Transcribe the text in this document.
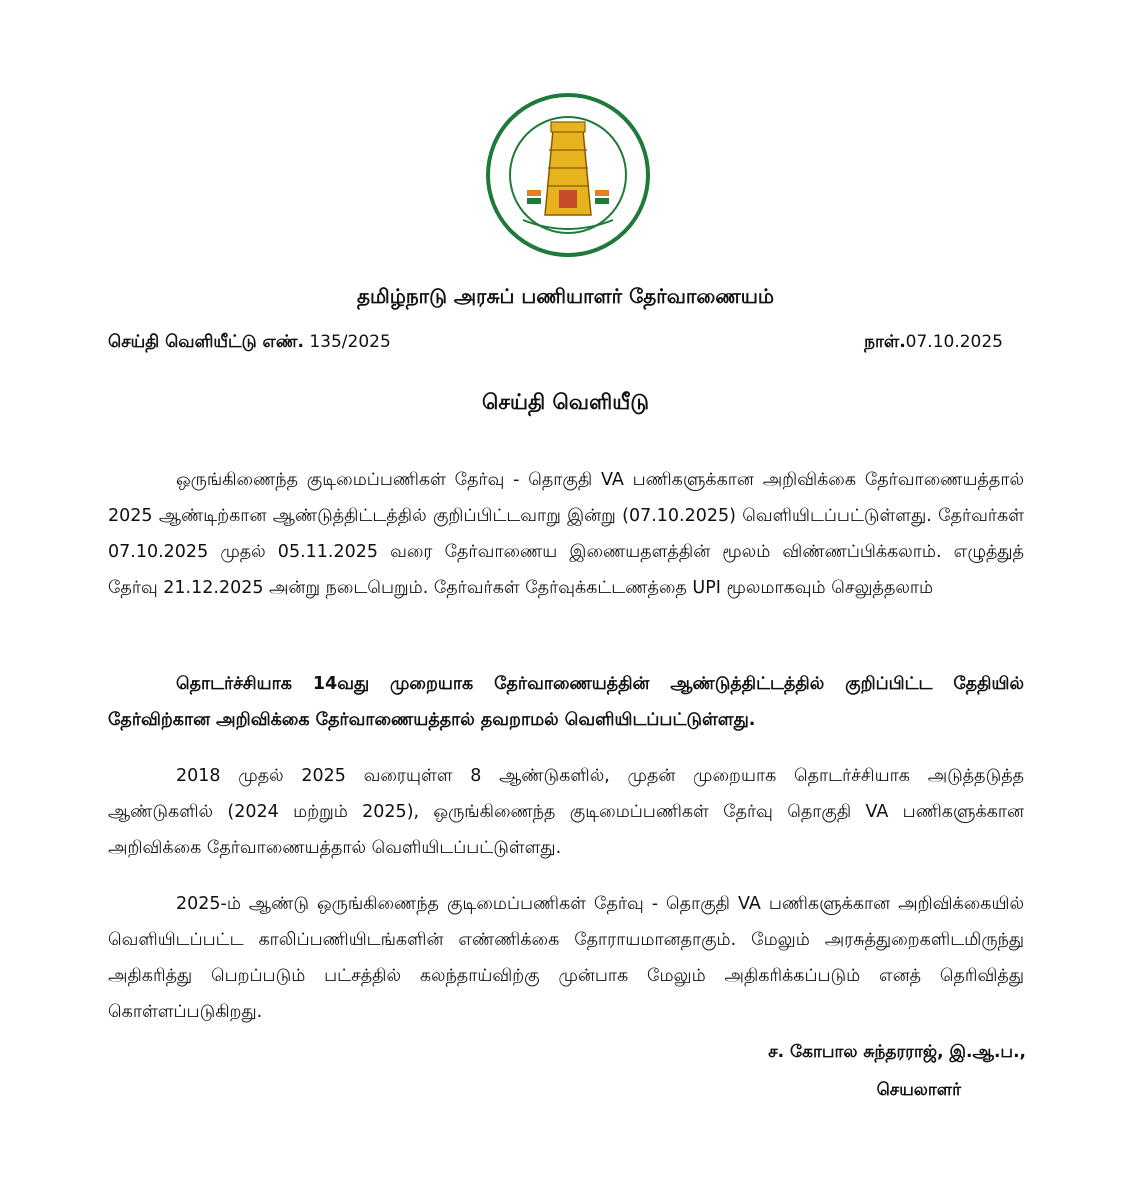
தமிழ்நாடு அரசுப் பணியாளர் தேர்வாணையம்
செய்தி வெளியீட்டு எண். 135/2025	நாள்.07.10.2025
செய்தி வெளியீடு

ஒருங்கிணைந்த குடிமைப்பணிகள் தேர்வு - தொகுதி VA பணிகளுக்கான அறிவிக்கை தேர்வாணையத்தால் 2025 ஆண்டிற்கான ஆண்டுத்திட்டத்தில் குறிப்பிட்டவாறு இன்று (07.10.2025) வெளியிடப்பட்டுள்ளது. தேர்வர்கள் 07.10.2025 முதல் 05.11.2025 வரை தேர்வாணைய இணையதளத்தின் மூலம் விண்ணப்பிக்கலாம். எழுத்துத் தேர்வு 21.12.2025 அன்று நடைபெறும். தேர்வர்கள் தேர்வுக்கட்டணத்தை UPI மூலமாகவும் செலுத்தலாம்

தொடர்ச்சியாக 14வது முறையாக தேர்வாணையத்தின் ஆண்டுத்திட்டத்தில் குறிப்பிட்ட தேதியில் தேர்விற்கான அறிவிக்கை தேர்வாணையத்தால் தவறாமல் வெளியிடப்பட்டுள்ளது.

2018 முதல் 2025 வரையுள்ள 8 ஆண்டுகளில், முதன் முறையாக தொடர்ச்சியாக அடுத்தடுத்த ஆண்டுகளில் (2024 மற்றும் 2025), ஒருங்கிணைந்த குடிமைப்பணிகள் தேர்வு தொகுதி VA பணிகளுக்கான அறிவிக்கை தேர்வாணையத்தால் வெளியிடப்பட்டுள்ளது.

2025-ம் ஆண்டு ஒருங்கிணைந்த குடிமைப்பணிகள் தேர்வு - தொகுதி VA பணிகளுக்கான அறிவிக்கையில் வெளியிடப்பட்ட காலிப்பணியிடங்களின் எண்ணிக்கை தோராயமானதாகும். மேலும் அரசுத்துறைகளிடமிருந்து அதிகரித்து பெறப்படும் பட்சத்தில் கலந்தாய்விற்கு முன்பாக மேலும் அதிகரிக்கப்படும் எனத் தெரிவித்து கொள்ளப்படுகிறது.

ச. கோபால சுந்தரராஜ், இ.ஆ.ப.,
செயலாளர்
